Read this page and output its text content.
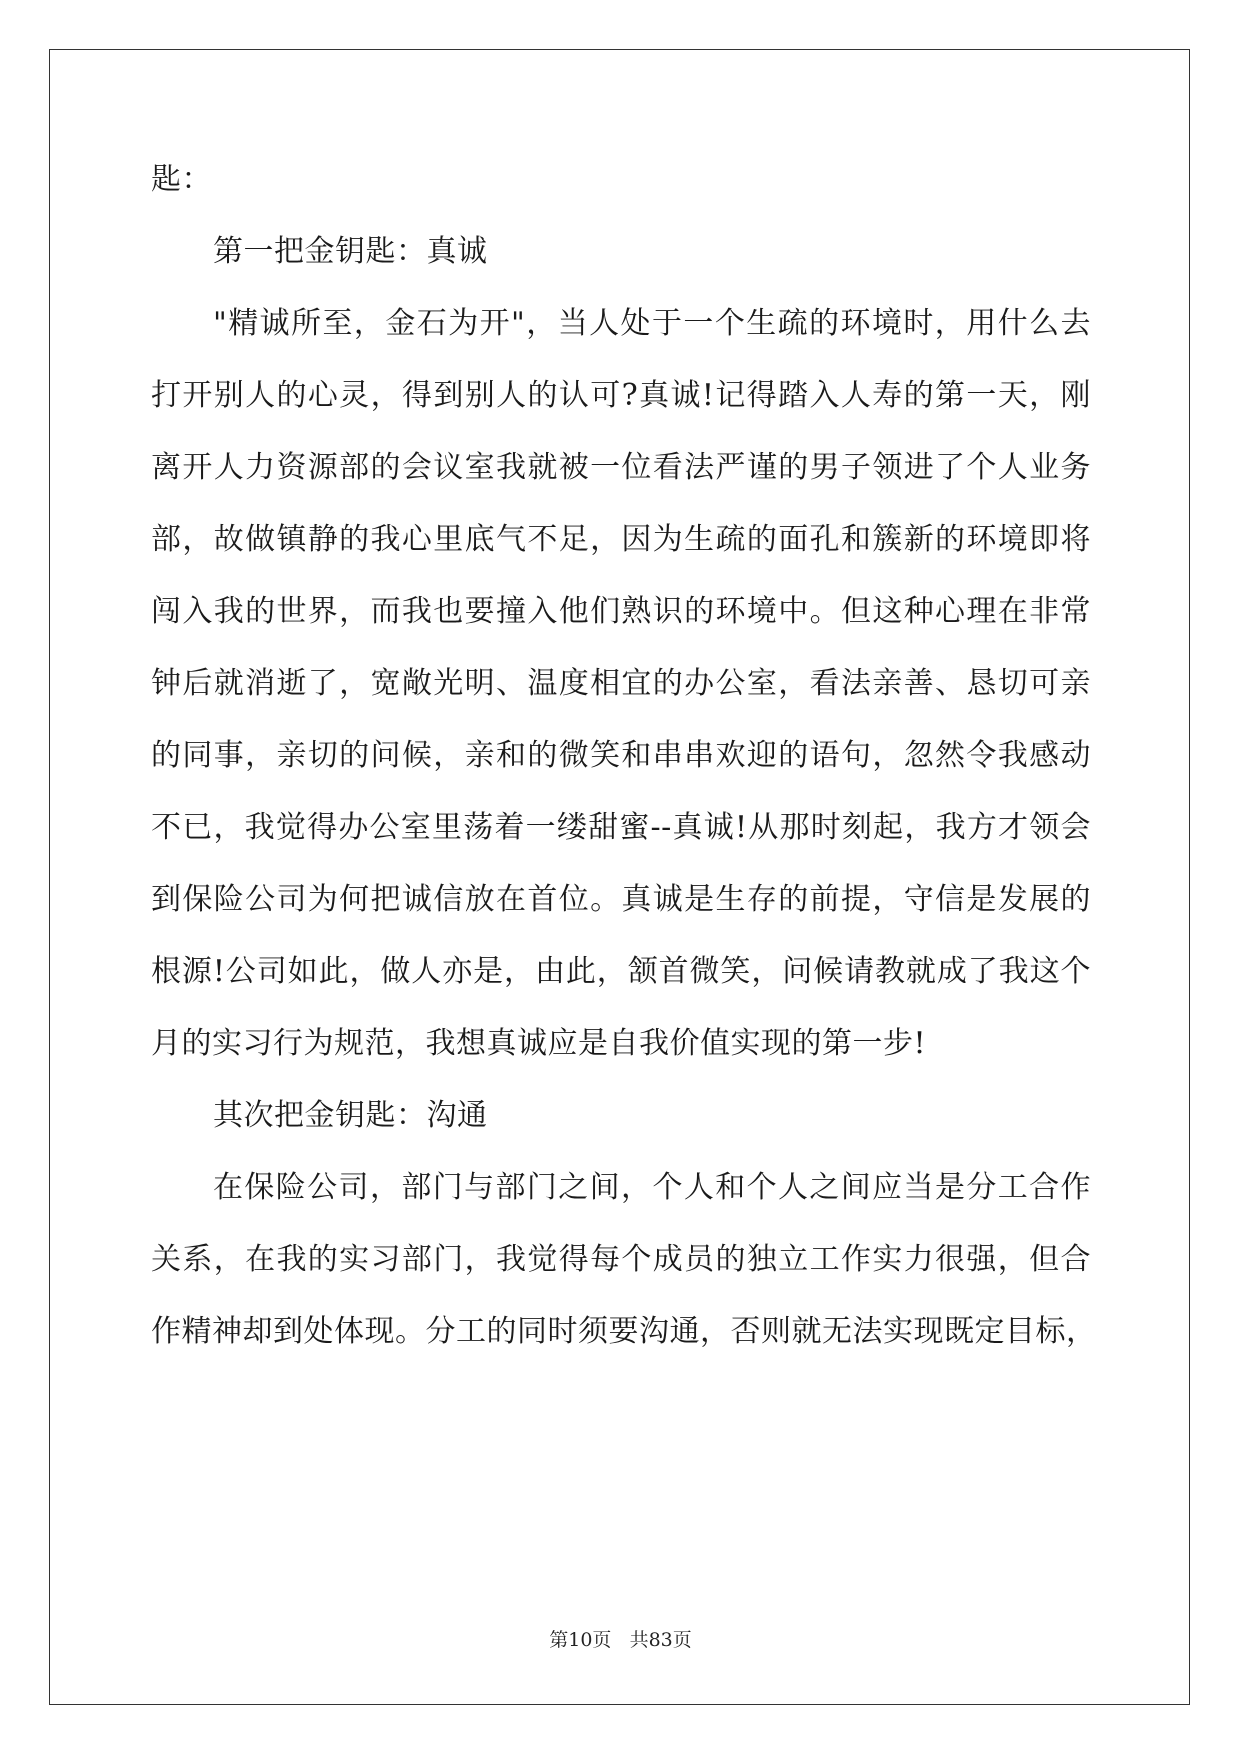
匙：
第一把金钥匙：真诚
"精诚所至，金石为开"，当人处于一个生疏的环境时，用什么去
打开别人的心灵，得到别人的认可?真诚!记得踏入人寿的第一天，刚
离开人力资源部的会议室我就被一位看法严谨的男子领进了个人业务
部，故做镇静的我心里底气不足，因为生疏的面孔和簇新的环境即将
闯入我的世界，而我也要撞入他们熟识的环境中。但这种心理在非常
钟后就消逝了，宽敞光明、温度相宜的办公室，看法亲善、恳切可亲
的同事，亲切的问候，亲和的微笑和串串欢迎的语句，忽然令我感动
不已，我觉得办公室里荡着一缕甜蜜--真诚!从那时刻起，我方才领会
到保险公司为何把诚信放在首位。真诚是生存的前提，守信是发展的
根源!公司如此，做人亦是，由此，颔首微笑，问候请教就成了我这个
月的实习行为规范，我想真诚应是自我价值实现的第一步!
其次把金钥匙：沟通
在保险公司，部门与部门之间，个人和个人之间应当是分工合作
关系，在我的实习部门，我觉得每个成员的独立工作实力很强，但合
作精神却到处体现。分工的同时须要沟通，否则就无法实现既定目标，
第10页 共83页
